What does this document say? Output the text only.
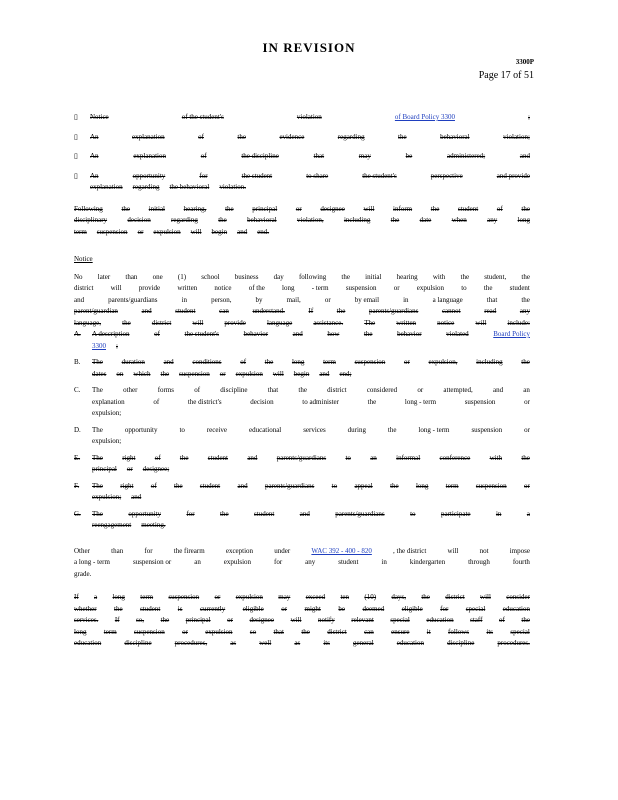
IN REVISION
3300P
Page 17 of 51
▯	Notice	of the student's	violation	of Board Policy 3300	;
▯	An	explanation	of	the	evidence	regarding	the	behavioral	violation;
▯	An	explanation	of	the discipline	that	may	be	administered;	and
▯	An	opportunity	for	the student	to share	the student's	perspective	and provide
explanation regarding the behavioral violation.
Following	the	initial	hearing,	the	principal	or	designee	will	inform	the	student	of	the
disciplinary	decision	regarding	the	behavioral	violation,	including	the	date	when	any	long
term suspension or expulsion will begin and end.
Notice
No later than one (1) school business day following the initial hearing with the student, the
district will provide written notice of the long - term suspension or expulsion to the student
and	parents/guardians	in	person,	by	mail,	or	by email	in	a language	that	the
parent/guardian	and	student	can	understand.	If	the	parents/guardians	cannot	read	any
language,	the	district	will	provide	language	assistance.	The	written	notice	will	include:
A.	A description	of	the student's	behavior	and	how	the	behavior	violated	Board Policy
3300 ;
B.	The	duration	and	conditions	of	the	long	term	suspension	or	expulsion,	including	the
dates on which the suspension or expulsion will begin and end;
C.	The	other	forms	of	discipline	that	the	district	considered	or	attempted,	and	an
explanation	of	the district's	decision	to administer	the	long - term	suspension	or
expulsion;
D.	The	opportunity	to	receive	educational	services	during	the	long - term	suspension	or
expulsion;
E.	The	right	of	the	student	and	parents/guardians	to	an	informal	conference	with	the
principal or designee;
F.	The right of the student and parents/guardians to appeal the long term suspension or
expulsion; and
G.	The	opportunity	for	the	student	and	parents/guardians	to	participate	in	a
reengagement meeting.
Other	than	for	the firearm	exception	under	WAC 392 - 400 - 820	, the district	will	not	impose
a long - term	suspension or	an	expulsion	for	any	student	in	kindergarten	through	fourth
grade.
If a long term suspension or expulsion may exceed ten (10) days, the district will consider
whether the student is currently eligible or might be deemed eligible for special education
services. If so, the principal or designee will notify relevant special education staff of the
long term suspension or expulsion so that the district can ensure it follows its special
education	discipline	procedures,	as	well	as	its	general	education	discipline	procedures.
